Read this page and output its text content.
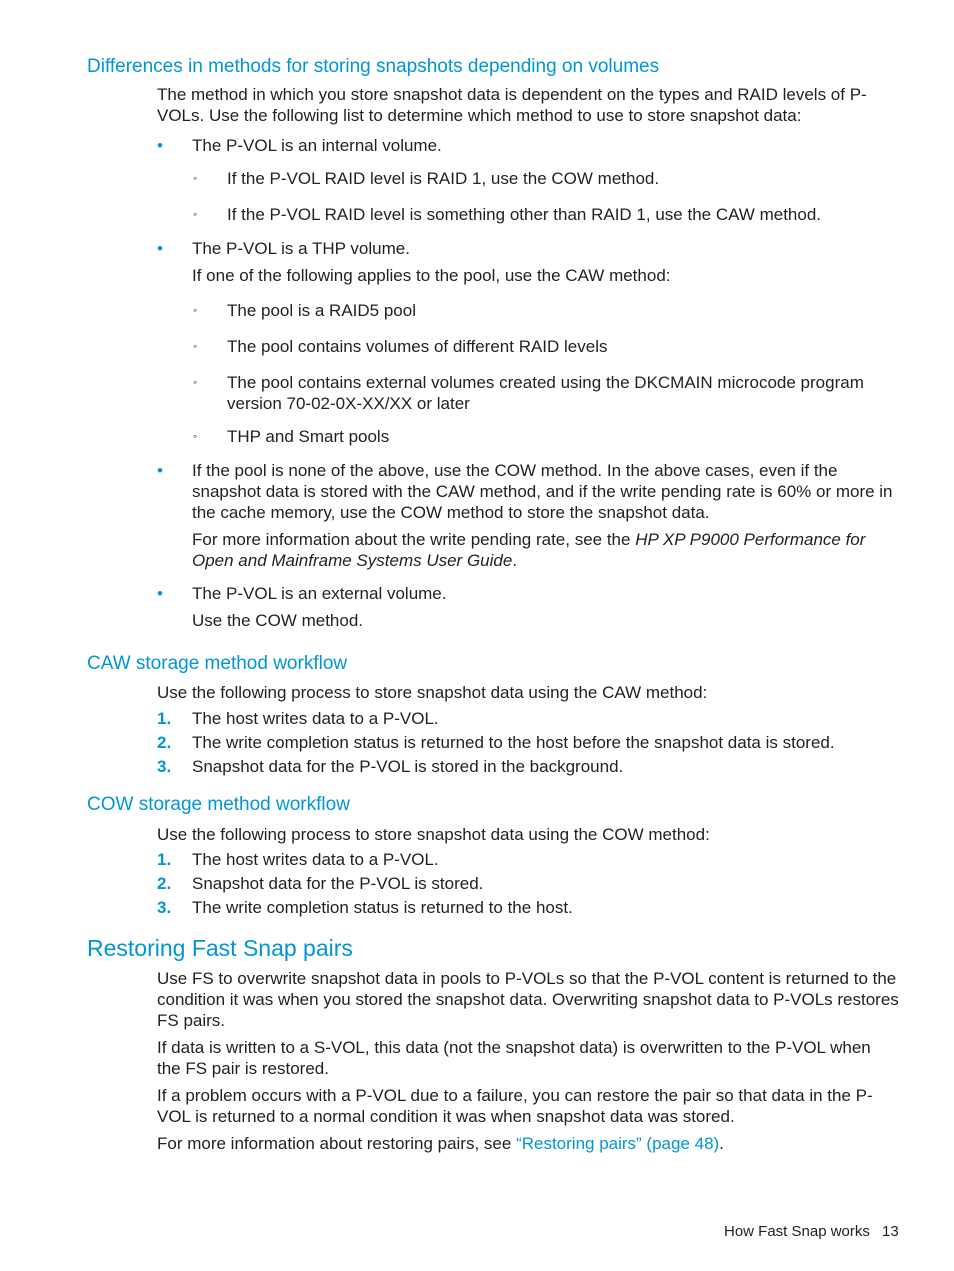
Differences in methods for storing snapshots depending on volumes

The method in which you store snapshot data is dependent on the types and RAID levels of P-VOLs. Use the following list to determine which method to use to store snapshot data:

•

The P-VOL is an internal volume.

◦

If the P-VOL RAID level is RAID 1, use the COW method.

◦

If the P-VOL RAID level is something other than RAID 1, use the CAW method.

•

The P-VOL is a THP volume.

If one of the following applies to the pool, use the CAW method:

◦

The pool is a RAID5 pool

◦

The pool contains volumes of different RAID levels

◦

The pool contains external volumes created using the DKCMAIN microcode program version 70-02-0X-XX/XX or later

◦

THP and Smart pools

•

If the pool is none of the above, use the COW method. In the above cases, even if the snapshot data is stored with the CAW method, and if the write pending rate is 60% or more in the cache memory, use the COW method to store the snapshot data.

For more information about the write pending rate, see the HP XP P9000 Performance for Open and Mainframe Systems User Guide.

•

The P-VOL is an external volume.

Use the COW method.

CAW storage method workflow

Use the following process to store snapshot data using the CAW method:

1. The host writes data to a P-VOL.

2. The write completion status is returned to the host before the snapshot data is stored.

3. Snapshot data for the P-VOL is stored in the background.

COW storage method workflow

Use the following process to store snapshot data using the COW method:

1. The host writes data to a P-VOL.

2. Snapshot data for the P-VOL is stored.

3. The write completion status is returned to the host.

Restoring Fast Snap pairs

Use FS to overwrite snapshot data in pools to P-VOLs so that the P-VOL content is returned to the condition it was when you stored the snapshot data. Overwriting snapshot data to P-VOLs restores FS pairs.

If data is written to a S-VOL, this data (not the snapshot data) is overwritten to the P-VOL when the FS pair is restored.

If a problem occurs with a P-VOL due to a failure, you can restore the pair so that data in the P-VOL is returned to a normal condition it was when snapshot data was stored.

For more information about restoring pairs, see “Restoring pairs” (page 48).

How Fast Snap works 13
